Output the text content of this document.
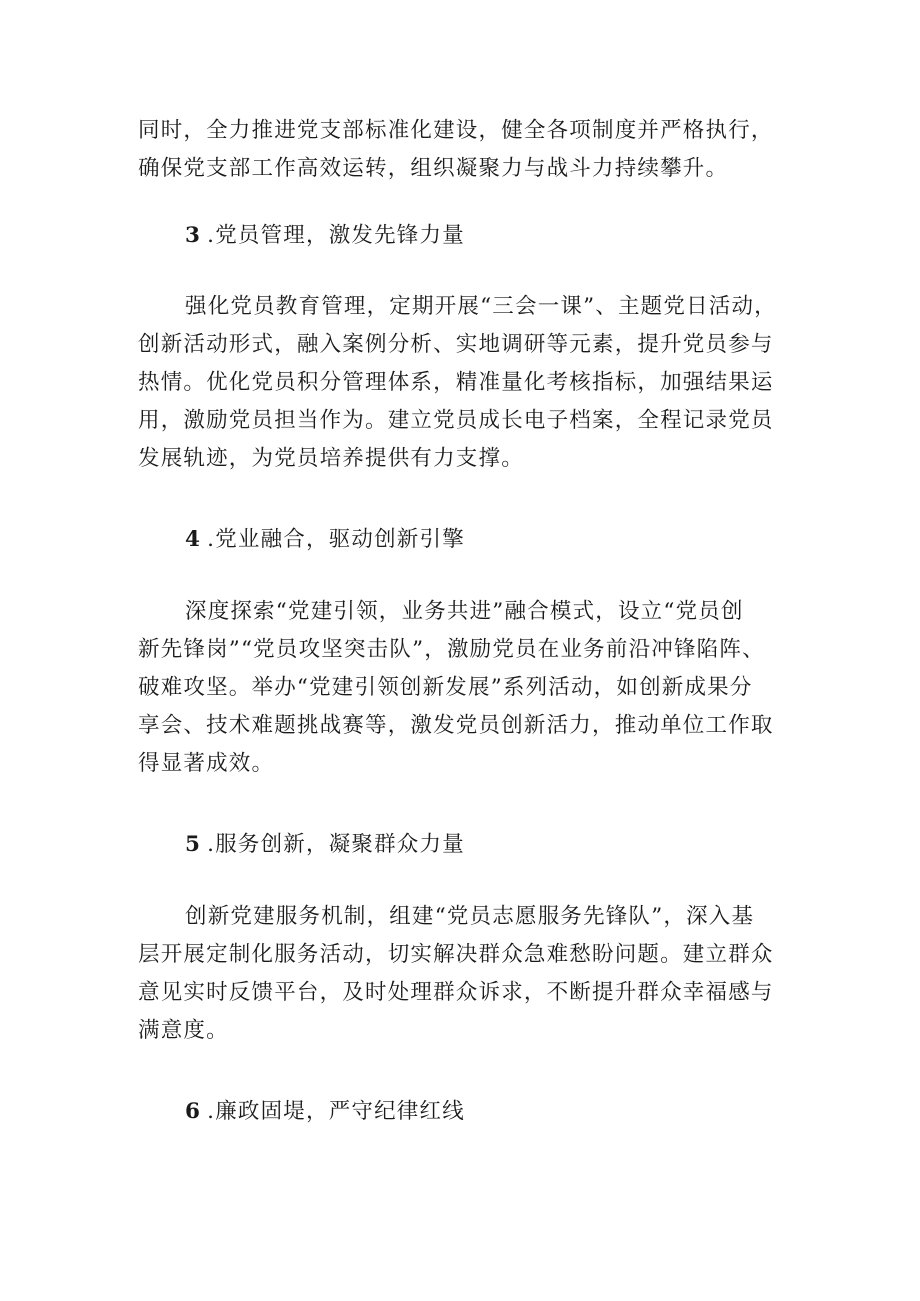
同时，全力推进党支部标准化建设，健全各项制度并严格执行，
确保党支部工作高效运转，组织凝聚力与战斗力持续攀升。
3 .党员管理，激发先锋力量
强化党员教育管理，定期开展“三会一课”、主题党日活动，
创新活动形式，融入案例分析、实地调研等元素，提升党员参与
热情。优化党员积分管理体系，精准量化考核指标，加强结果运
用，激励党员担当作为。建立党员成长电子档案，全程记录党员
发展轨迹，为党员培养提供有力支撑。
4 .党业融合，驱动创新引擎
深度探索“党建引领，业务共进”融合模式，设立“党员创
新先锋岗”“党员攻坚突击队”，激励党员在业务前沿冲锋陷阵、
破难攻坚。举办“党建引领创新发展”系列活动，如创新成果分
享会、技术难题挑战赛等，激发党员创新活力，推动单位工作取
得显著成效。
5 .服务创新，凝聚群众力量
创新党建服务机制，组建“党员志愿服务先锋队”，深入基
层开展定制化服务活动，切实解决群众急难愁盼问题。建立群众
意见实时反馈平台，及时处理群众诉求，不断提升群众幸福感与
满意度。
6 .廉政固堤，严守纪律红线
